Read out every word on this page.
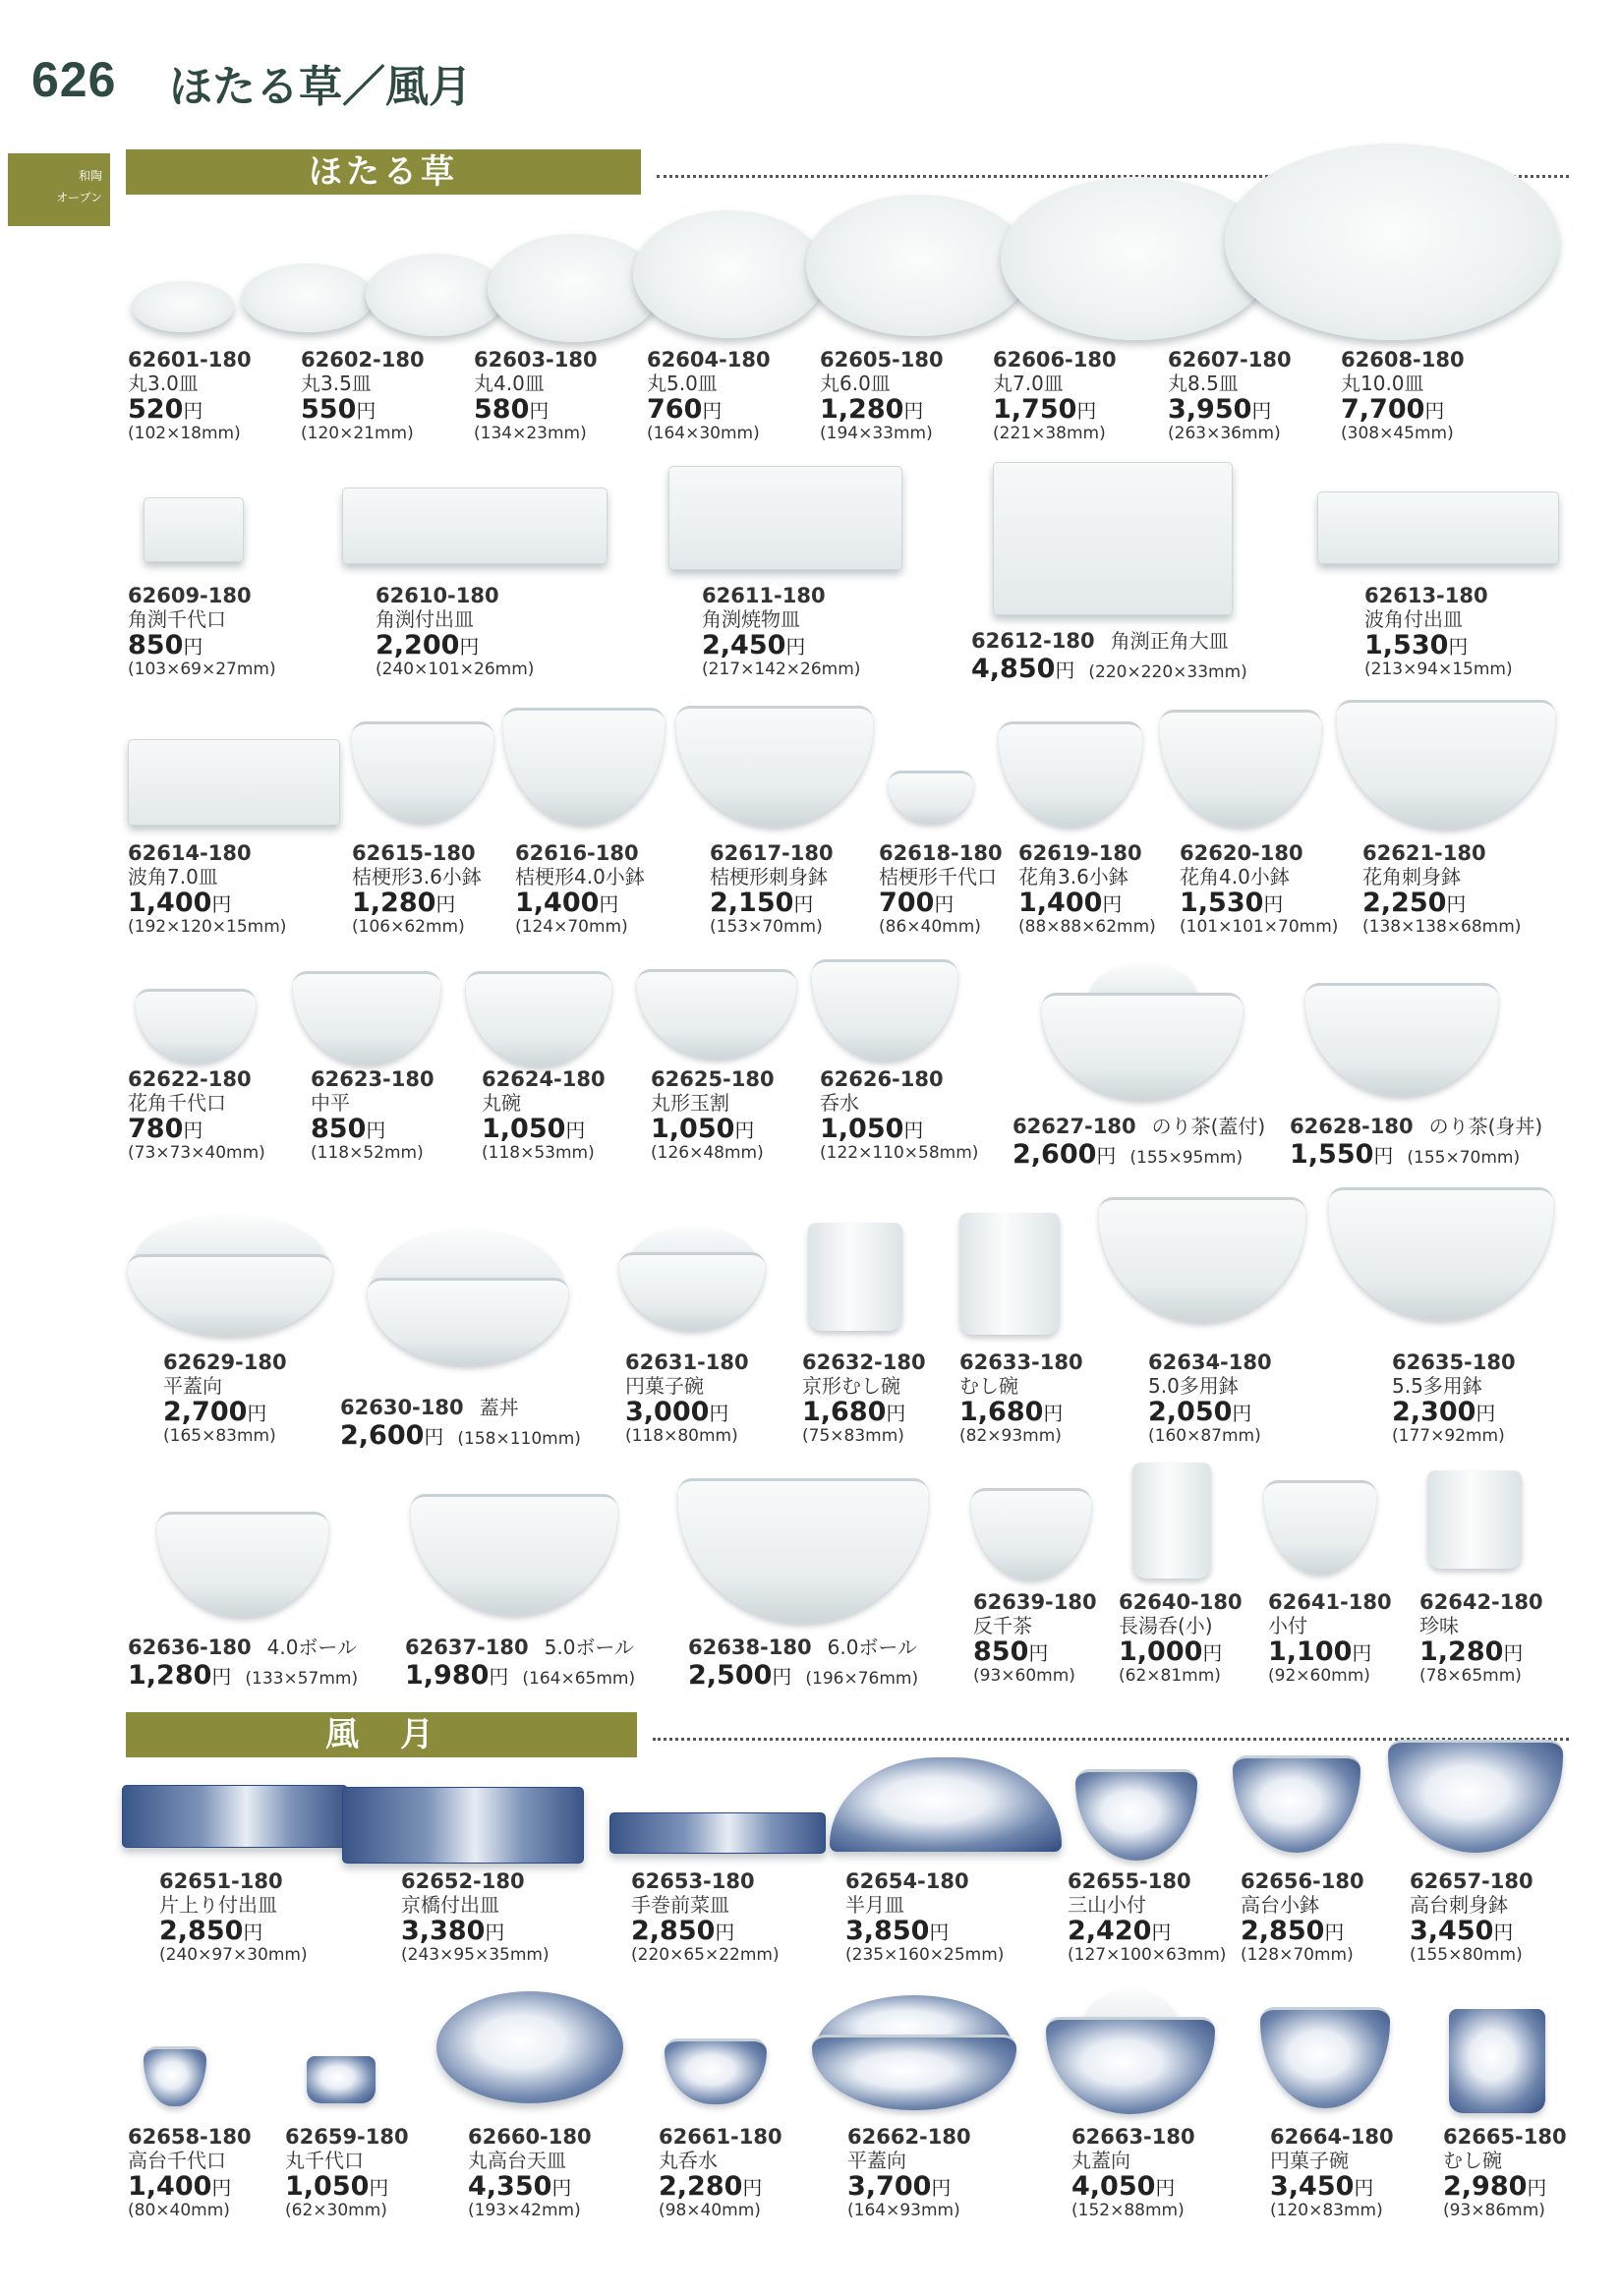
626 ほたる草／風月
和陶
オーブン
ほたる草
風　月
62601-180
丸3.0皿
520円
(102×18mm)
62602-180
丸3.5皿
550円
(120×21mm)
62603-180
丸4.0皿
580円
(134×23mm)
62604-180
丸5.0皿
760円
(164×30mm)
62605-180
丸6.0皿
1,280円
(194×33mm)
62606-180
丸7.0皿
1,750円
(221×38mm)
62607-180
丸8.5皿
3,950円
(263×36mm)
62608-180
丸10.0皿
7,700円
(308×45mm)
62609-180
角渕千代口
850円
(103×69×27mm)
62610-180
角渕付出皿
2,200円
(240×101×26mm)
62611-180
角渕焼物皿
2,450円
(217×142×26mm)
62612-180 角渕正角大皿
4,850円 (220×220×33mm)
62613-180
波角付出皿
1,530円
(213×94×15mm)
62614-180
波角7.0皿
1,400円
(192×120×15mm)
62615-180
桔梗形3.6小鉢
1,280円
(106×62mm)
62616-180
桔梗形4.0小鉢
1,400円
(124×70mm)
62617-180
桔梗形刺身鉢
2,150円
(153×70mm)
62618-180
桔梗形千代口
700円
(86×40mm)
62619-180
花角3.6小鉢
1,400円
(88×88×62mm)
62620-180
花角4.0小鉢
1,530円
(101×101×70mm)
62621-180
花角刺身鉢
2,250円
(138×138×68mm)
62622-180
花角千代口
780円
(73×73×40mm)
62623-180
中平
850円
(118×52mm)
62624-180
丸碗
1,050円
(118×53mm)
62625-180
丸形玉割
1,050円
(126×48mm)
62626-180
呑水
1,050円
(122×110×58mm)
62627-180 のり茶(蓋付)
2,600円 (155×95mm)
62628-180 のり茶(身丼)
1,550円 (155×70mm)
62629-180
平蓋向
2,700円
(165×83mm)
62630-180 蓋丼
2,600円 (158×110mm)
62631-180
円菓子碗
3,000円
(118×80mm)
62632-180
京形むし碗
1,680円
(75×83mm)
62633-180
むし碗
1,680円
(82×93mm)
62634-180
5.0多用鉢
2,050円
(160×87mm)
62635-180
5.5多用鉢
2,300円
(177×92mm)
62636-180 4.0ボール
1,280円 (133×57mm)
62637-180 5.0ボール
1,980円 (164×65mm)
62638-180 6.0ボール
2,500円 (196×76mm)
62639-180
反千茶
850円
(93×60mm)
62640-180
長湯呑(小)
1,000円
(62×81mm)
62641-180
小付
1,100円
(92×60mm)
62642-180
珍味
1,280円
(78×65mm)
62651-180
片上り付出皿
2,850円
(240×97×30mm)
62652-180
京橋付出皿
3,380円
(243×95×35mm)
62653-180
手巻前菜皿
2,850円
(220×65×22mm)
62654-180
半月皿
3,850円
(235×160×25mm)
62655-180
三山小付
2,420円
(127×100×63mm)
62656-180
高台小鉢
2,850円
(128×70mm)
62657-180
高台刺身鉢
3,450円
(155×80mm)
62658-180
高台千代口
1,400円
(80×40mm)
62659-180
丸千代口
1,050円
(62×30mm)
62660-180
丸高台天皿
4,350円
(193×42mm)
62661-180
丸呑水
2,280円
(98×40mm)
62662-180
平蓋向
3,700円
(164×93mm)
62663-180
丸蓋向
4,050円
(152×88mm)
62664-180
円菓子碗
3,450円
(120×83mm)
62665-180
むし碗
2,980円
(93×86mm)
